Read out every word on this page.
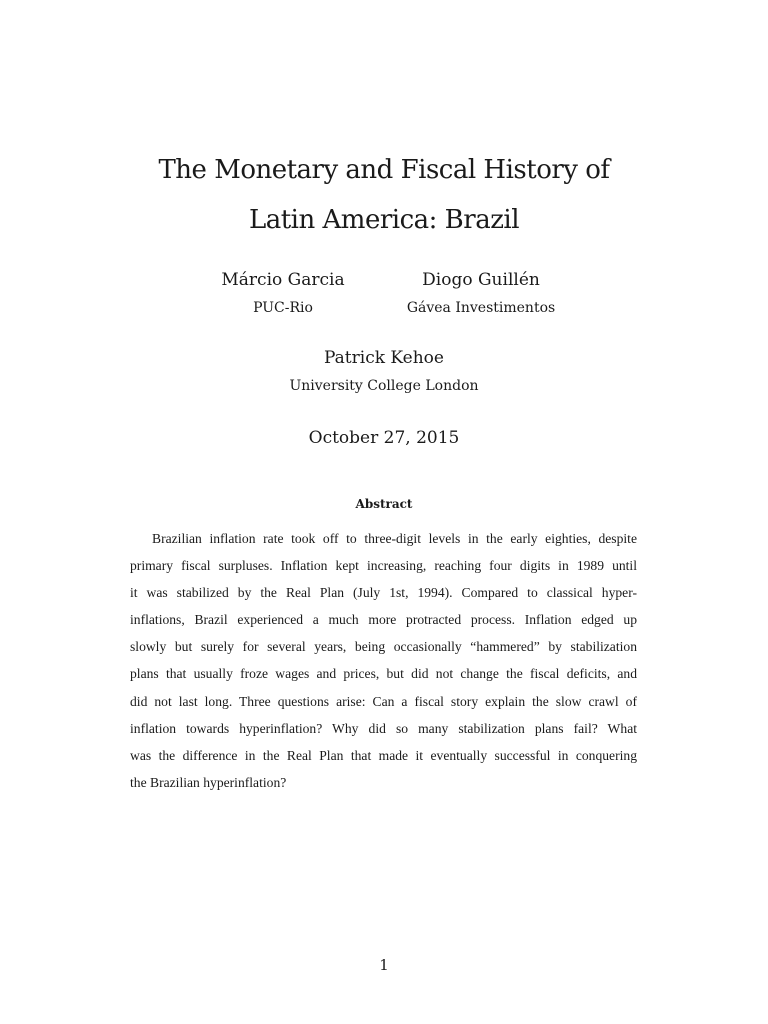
The Monetary and Fiscal History of
Latin America: Brazil
Márcio Garcia
PUC-Rio
Diogo Guillén
Gávea Investimentos
Patrick Kehoe
University College London
October 27, 2015
Abstract
Brazilian inflation rate took off to three-digit levels in the early eighties, despite
primary fiscal surpluses. Inflation kept increasing, reaching four digits in 1989 until
it was stabilized by the Real Plan (July 1st, 1994). Compared to classical hyper-
inflations, Brazil experienced a much more protracted process. Inflation edged up
slowly but surely for several years, being occasionally “hammered” by stabilization
plans that usually froze wages and prices, but did not change the fiscal deficits, and
did not last long. Three questions arise: Can a fiscal story explain the slow crawl of
inflation towards hyperinflation? Why did so many stabilization plans fail? What
was the difference in the Real Plan that made it eventually successful in conquering
the Brazilian hyperinflation?
1
